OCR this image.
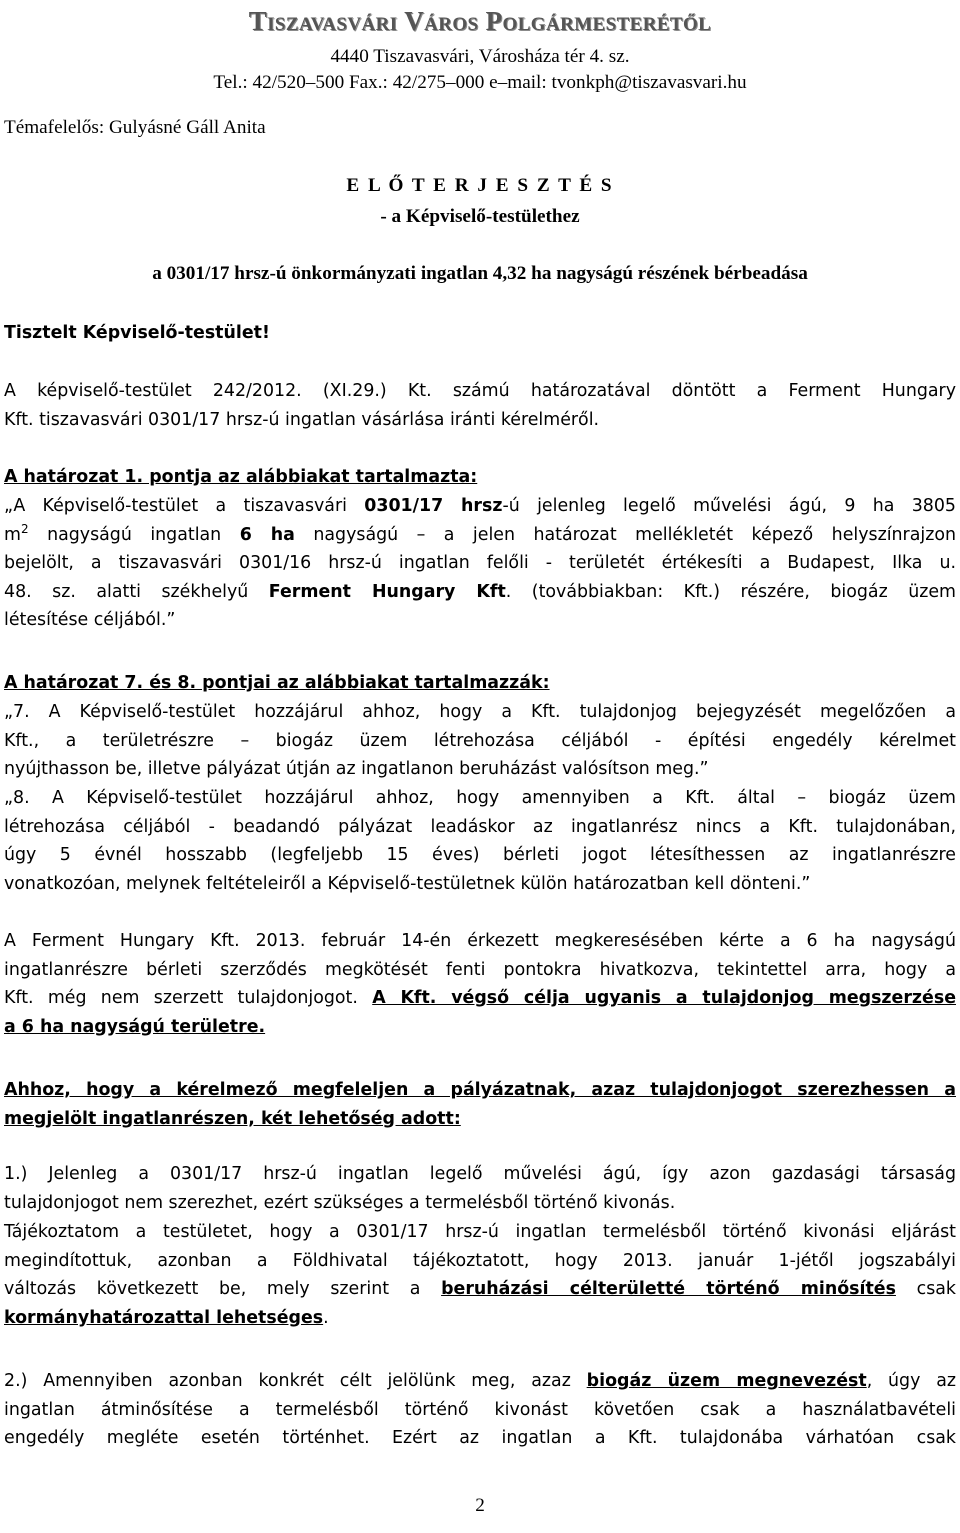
Tiszavasvári Város Polgármesterétől
4440 Tiszavasvári, Városháza tér 4. sz.
Tel.: 42/520–500 Fax.: 42/275–000 e–mail: tvonkph@tiszavasvari.hu
Témafelelős: Gulyásné Gáll Anita
E L Ő T E R J E S Z T É S
- a Képviselő-testülethez
a 0301/17 hrsz-ú önkormányzati ingatlan 4,32 ha nagyságú részének bérbeadása
Tisztelt Képviselő-testület!

A képviselő-testület 242/2012. (XI.29.) Kt. számú határozatával döntött a Ferment Hungary

Kft. tiszavasvári 0301/17 hrsz-ú ingatlan vásárlása iránti kérelméről.

A határozat 1. pontja az alábbiakat tartalmazta:

„A Képviselő-testület a tiszavasvári 0301/17 hrsz-ú jelenleg legelő művelési ágú, 9 ha 3805

$m^2$ nagyságú ingatlan 6 ha nagyságú – a jelen határozat mellékletét képező helyszínrajzon

bejelölt, a tiszavasvári 0301/16 hrsz-ú ingatlan felőli - területét értékesíti a Budapest, Ilka u.

48. sz. alatti székhelyű Ferment Hungary Kft. (továbbiakban: Kft.) részére, biogáz üzem

létesítése céljából.”

A határozat 7. és 8. pontjai az alábbiakat tartalmazzák:

„7. A Képviselő-testület hozzájárul ahhoz, hogy a Kft. tulajdonjog bejegyzését megelőzően a

Kft., a területrészre – biogáz üzem létrehozása céljából - építési engedély kérelmet

nyújthasson be, illetve pályázat útján az ingatlanon beruházást valósítson meg.”

„8. A Képviselő-testület hozzájárul ahhoz, hogy amennyiben a Kft. által – biogáz üzem

létrehozása céljából - beadandó pályázat leadáskor az ingatlanrész nincs a Kft. tulajdonában,

úgy 5 évnél hosszabb (legfeljebb 15 éves) bérleti jogot létesíthessen az ingatlanrészre

vonatkozóan, melynek feltételeiről a Képviselő-testületnek külön határozatban kell dönteni.”

A Ferment Hungary Kft. 2013. február 14-én érkezett megkeresésében kérte a 6 ha nagyságú

ingatlanrészre bérleti szerződés megkötését fenti pontokra hivatkozva, tekintettel arra, hogy a

Kft. még nem szerzett tulajdonjogot. A Kft. végső célja ugyanis a tulajdonjog megszerzése

a 6 ha nagyságú területre.

Ahhoz, hogy a kérelmező megfeleljen a pályázatnak, azaz tulajdonjogot szerezhessen a

megjelölt ingatlanrészen, két lehetőség adott:

1.) Jelenleg a 0301/17 hrsz-ú ingatlan legelő művelési ágú, így azon gazdasági társaság

tulajdonjogot nem szerezhet, ezért szükséges a termelésből történő kivonás.

Tájékoztatom a testületet, hogy a 0301/17 hrsz-ú ingatlan termelésből történő kivonási eljárást

megindítottuk, azonban a Földhivatal tájékoztatott, hogy 2013. január 1-jétől jogszabályi

változás következett be, mely szerint a beruházási célterületté történő minősítés csak

kormányhatározattal lehetséges.

2.) Amennyiben azonban konkrét célt jelölünk meg, azaz biogáz üzem megnevezést, úgy az

ingatlan átminősítése a termelésből történő kivonást követően csak a használatbavételi

engedély megléte esetén történhet. Ezért az ingatlan a Kft. tulajdonába várhatóan csak

2
